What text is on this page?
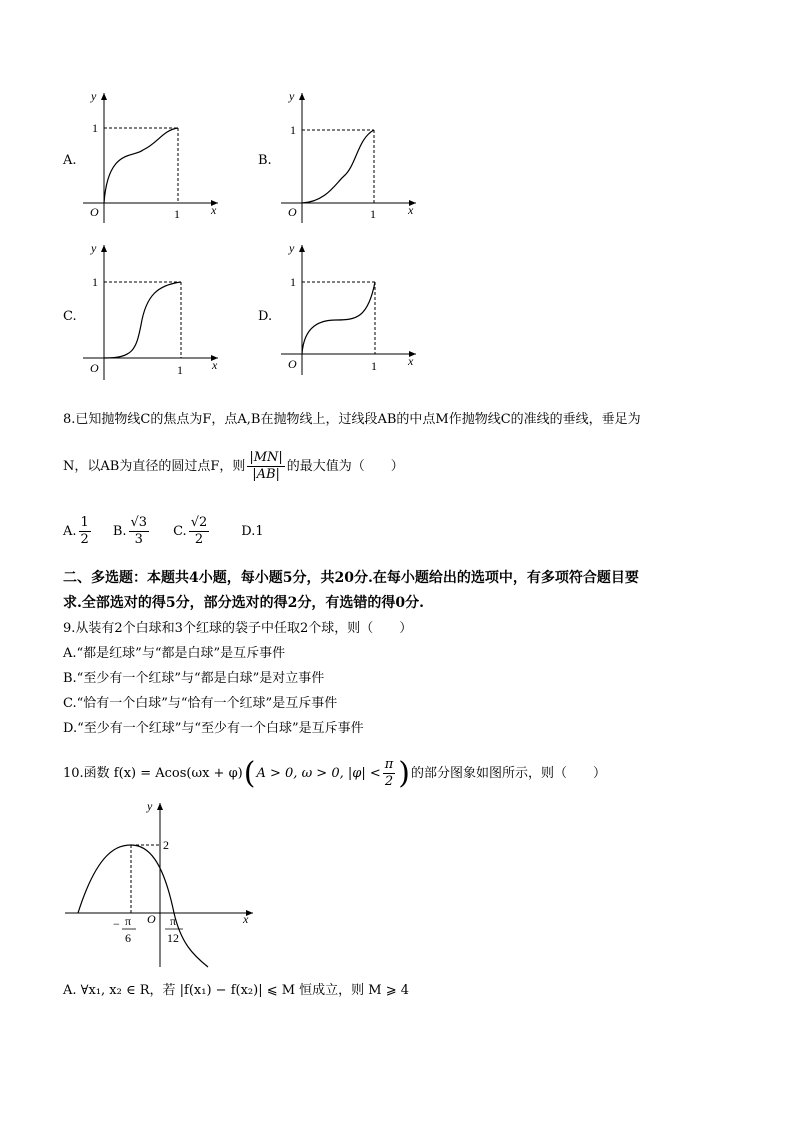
A.	B.
C.	D.
y
1
O	1	x
y
1
O	1	x
y
1
O	1 x
y
1
O	1	x
8.已知抛物线C的焦点为F，点A,B在抛物线上，过线段AB的中点M作抛物线C的准线的垂线，垂足为
N，以AB为直径的圆过点F，则 $\frac{|MN|}{|AB|}$ 的最大值为（　　）
A. $\frac{1}{2} B$. $\frac{√3}{3} C$. $\frac{√2}{2} D.1$
二、多选题：本题共4小题，每小题5分，共20分.在每小题给出的选项中，有多项符合题目要
求.全部选对的得5分，部分选对的得2分，有选错的得0分.
9.从装有2个白球和3个红球的袋子中任取2个球，则（　　）
A.“都是红球”与“都是白球”是互斥事件
B.“至少有一个红球”与“都是白球”是对立事件
C.“恰有一个白球”与“恰有一个红球”是互斥事件
D.“至少有一个红球”与“至少有一个白球”是互斥事件
10.函数 f(x) = Acos(ωx + φ) ( A > 0, ω > 0, $|\varphi| < \frac{\pi}{2}$ ) 的部分图象如图所示，则（　　）
y
2
O	x
− π
6
π
12
A. ∀x₁, x₂ ∈ R，若 |f(x₁) − f(x₂)| ⩽ M 恒成立，则 M ⩾ 4
